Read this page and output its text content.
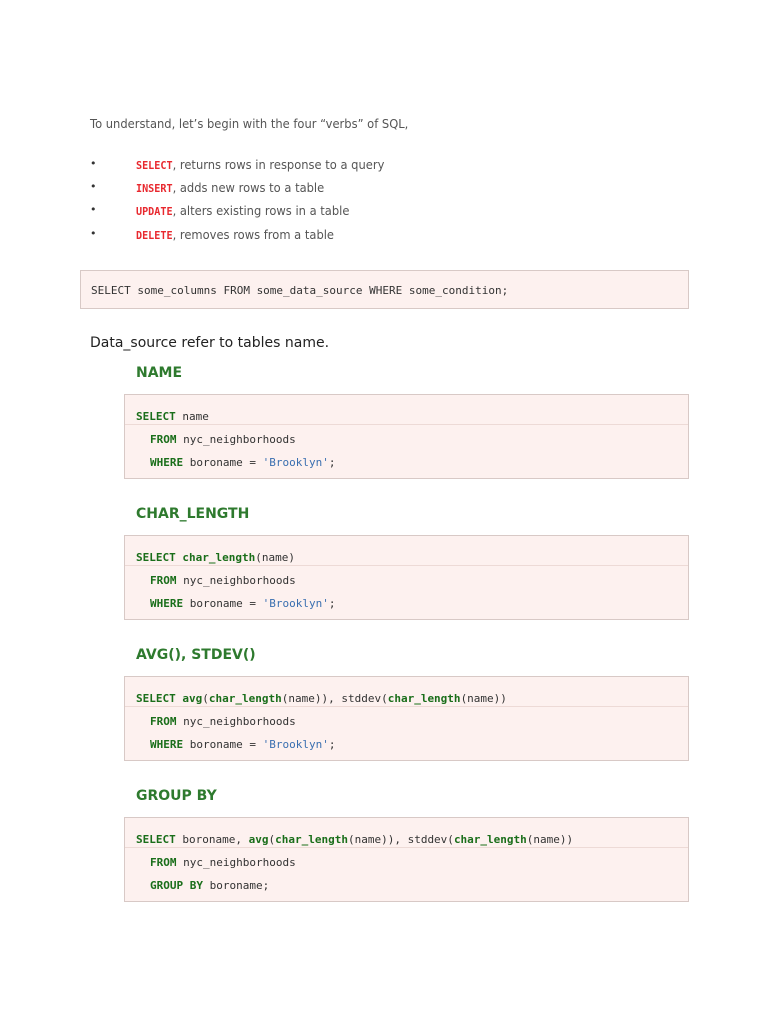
To understand, let’s begin with the four “verbs” of SQL,
•	SELECT, returns rows in response to a query
•	INSERT, adds new rows to a table
•	UPDATE, alters existing rows in a table
•	DELETE, removes rows from a table
SELECT some_columns FROM some_data_source WHERE some_condition;
Data_source refer to tables name.
NAME
SELECT name
FROM nyc_neighborhoods
WHERE boroname = 'Brooklyn';
CHAR_LENGTH
SELECT char_length(name)
FROM nyc_neighborhoods
WHERE boroname = 'Brooklyn';
AVG(), STDEV()
SELECT avg(char_length(name)), stddev(char_length(name))
FROM nyc_neighborhoods
WHERE boroname = 'Brooklyn';
GROUP BY
SELECT boroname, avg(char_length(name)), stddev(char_length(name))
FROM nyc_neighborhoods
GROUP BY boroname;
